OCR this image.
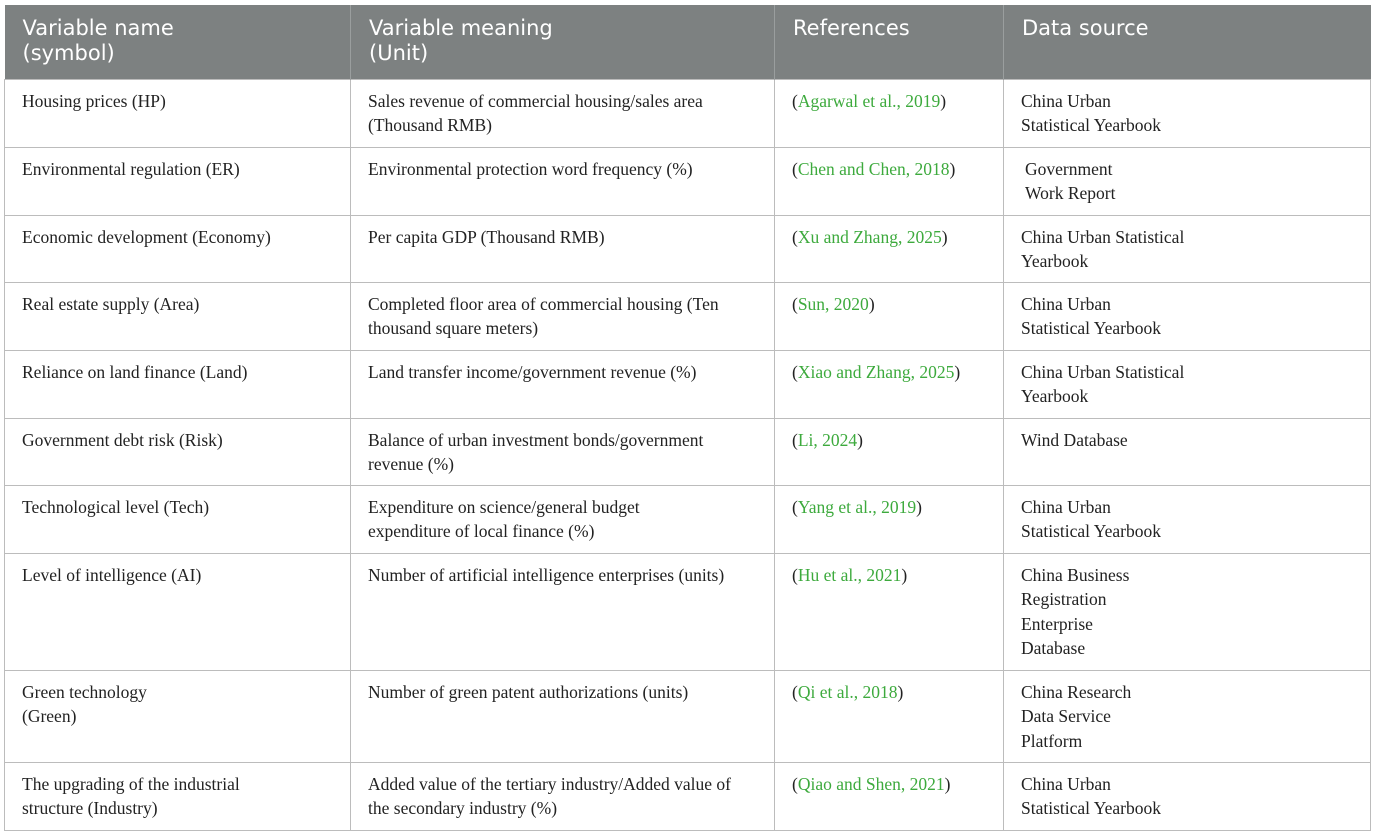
Variable name (symbol)	Variable meaning (Unit)	References	Data source
Housing prices (HP)	Sales revenue of commercial housing/sales area (Thousand RMB)	(Agarwal et al., 2019)	China Urban Statistical Yearbook
Environmental regulation (ER)	Environmental protection word frequency (%)	(Chen and Chen, 2018)	Government Work Report
Economic development (Economy)	Per capita GDP (Thousand RMB)	(Xu and Zhang, 2025)	China Urban Statistical Yearbook
Real estate supply (Area)	Completed floor area of commercial housing (Ten thousand square meters)	(Sun, 2020)	China Urban Statistical Yearbook
Reliance on land finance (Land)	Land transfer income/government revenue (%)	(Xiao and Zhang, 2025)	China Urban Statistical Yearbook
Government debt risk (Risk)	Balance of urban investment bonds/government revenue (%)	(Li, 2024)	Wind Database
Technological level (Tech)	Expenditure on science/general budget expenditure of local finance (%)	(Yang et al., 2019)	China Urban Statistical Yearbook
Level of intelligence (AI)	Number of artificial intelligence enterprises (units)	(Hu et al., 2021)	China Business Registration Enterprise Database
Green technology (Green)	Number of green patent authorizations (units)	(Qi et al., 2018)	China Research Data Service Platform
The upgrading of the industrial structure (Industry)	Added value of the tertiary industry/Added value of the secondary industry (%)	(Qiao and Shen, 2021)	China Urban Statistical Yearbook
